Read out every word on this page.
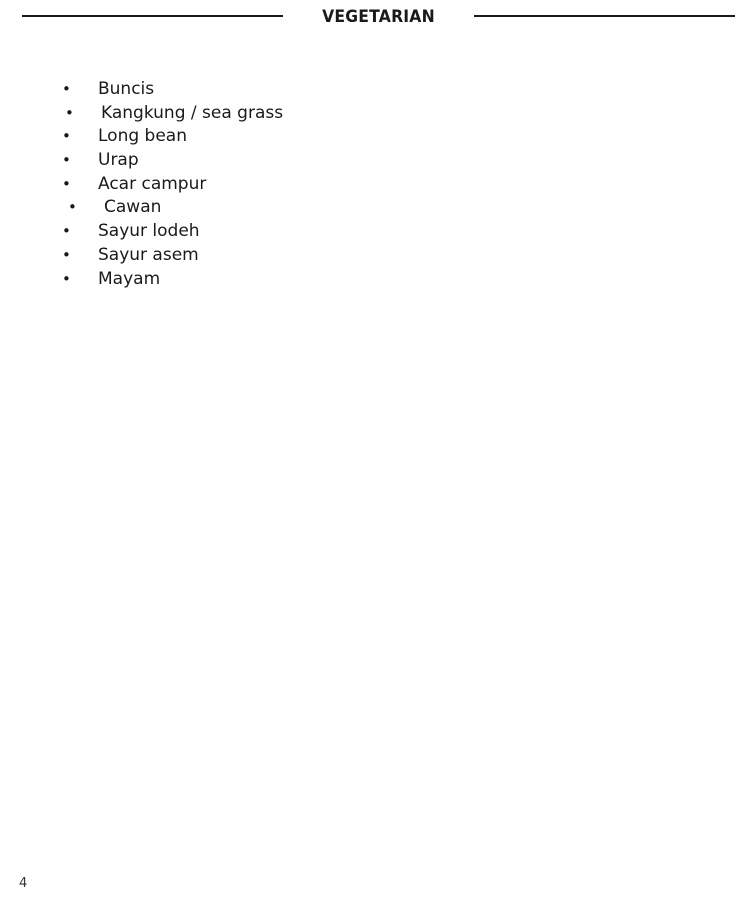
VEGETARIAN
• Buncis
• Kangkung / sea grass
• Long bean
• Urap
• Acar campur
• Cawan
• Sayur lodeh
• Sayur asem
• Mayam
4
